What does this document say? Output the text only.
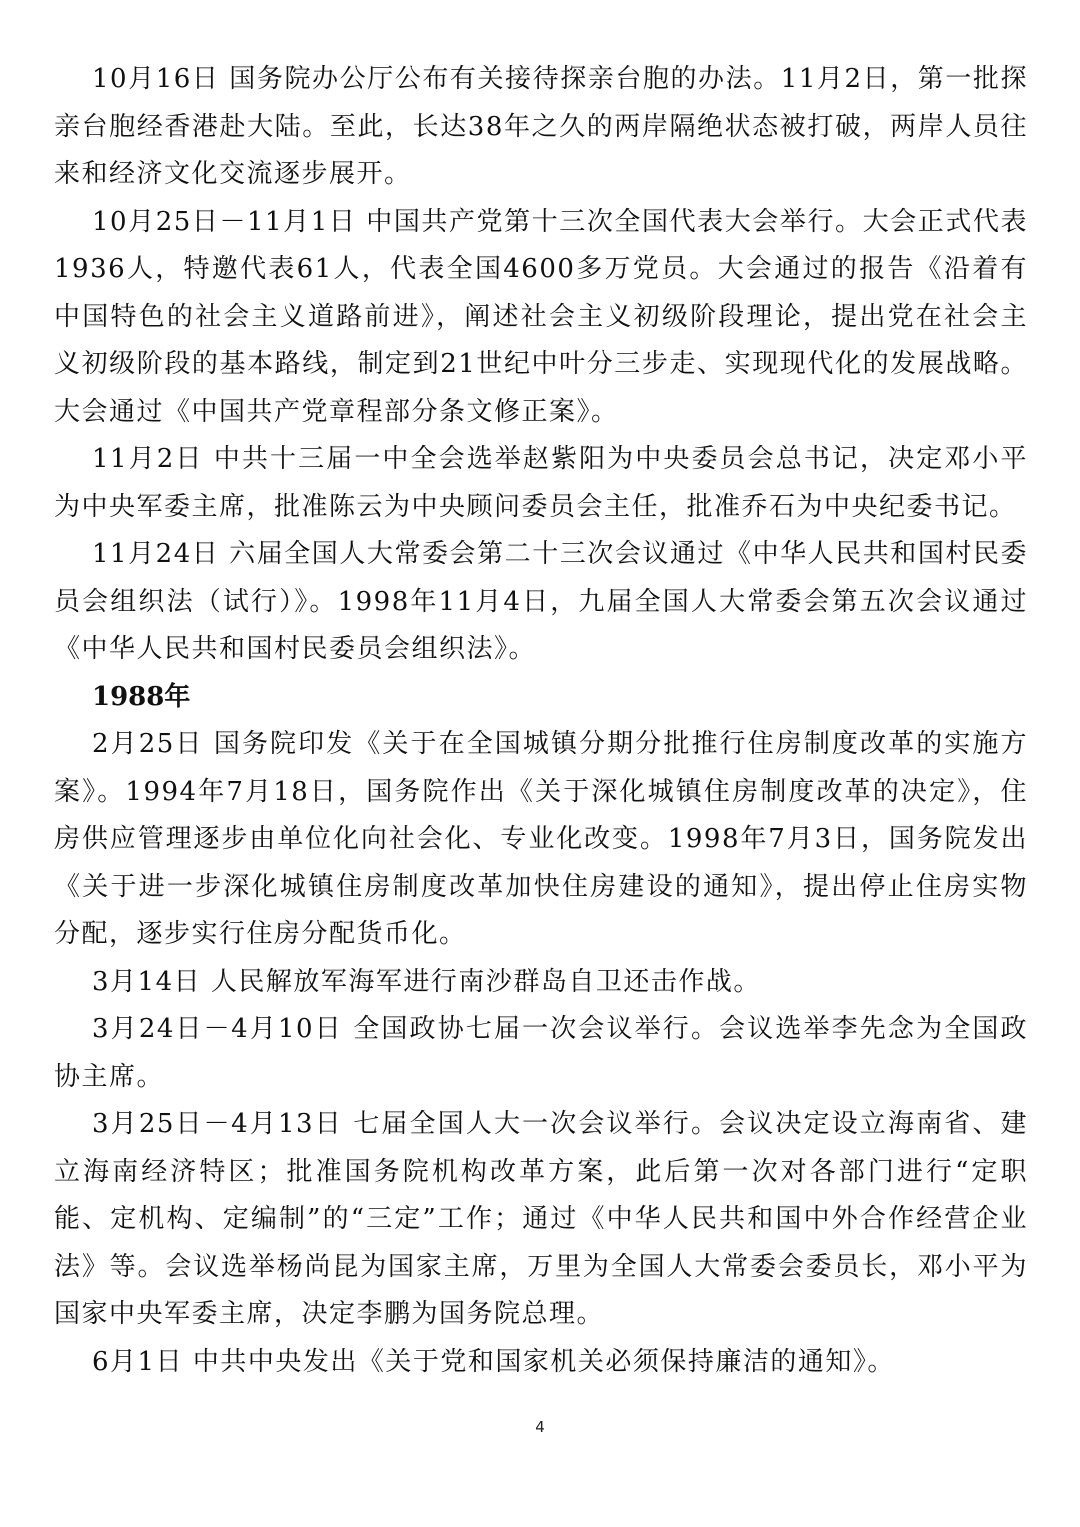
10月16日 国务院办公厅公布有关接待探亲台胞的办法。11月2日，第一批探亲台胞经香港赴大陆。至此，长达38年之久的两岸隔绝状态被打破，两岸人员往来和经济文化交流逐步展开。

10月25日－11月1日 中国共产党第十三次全国代表大会举行。大会正式代表1936人，特邀代表61人，代表全国4600多万党员。大会通过的报告《沿着有中国特色的社会主义道路前进》，阐述社会主义初级阶段理论，提出党在社会主义初级阶段的基本路线，制定到21世纪中叶分三步走、实现现代化的发展战略。大会通过《中国共产党章程部分条文修正案》。

11月2日 中共十三届一中全会选举赵紫阳为中央委员会总书记，决定邓小平为中央军委主席，批准陈云为中央顾问委员会主任，批准乔石为中央纪委书记。

11月24日 六届全国人大常委会第二十三次会议通过《中华人民共和国村民委员会组织法（试行）》。1998年11月4日，九届全国人大常委会第五次会议通过《中华人民共和国村民委员会组织法》。

1988年

2月25日 国务院印发《关于在全国城镇分期分批推行住房制度改革的实施方案》。1994年7月18日，国务院作出《关于深化城镇住房制度改革的决定》，住房供应管理逐步由单位化向社会化、专业化改变。1998年7月3日，国务院发出《关于进一步深化城镇住房制度改革加快住房建设的通知》，提出停止住房实物分配，逐步实行住房分配货币化。

3月14日 人民解放军海军进行南沙群岛自卫还击作战。

3月24日－4月10日 全国政协七届一次会议举行。会议选举李先念为全国政协主席。

3月25日－4月13日 七届全国人大一次会议举行。会议决定设立海南省、建立海南经济特区；批准国务院机构改革方案，此后第一次对各部门进行“定职能、定机构、定编制”的“三定”工作；通过《中华人民共和国中外合作经营企业法》等。会议选举杨尚昆为国家主席，万里为全国人大常委会委员长，邓小平为国家中央军委主席，决定李鹏为国务院总理。

6月1日 中共中央发出《关于党和国家机关必须保持廉洁的通知》。

4
